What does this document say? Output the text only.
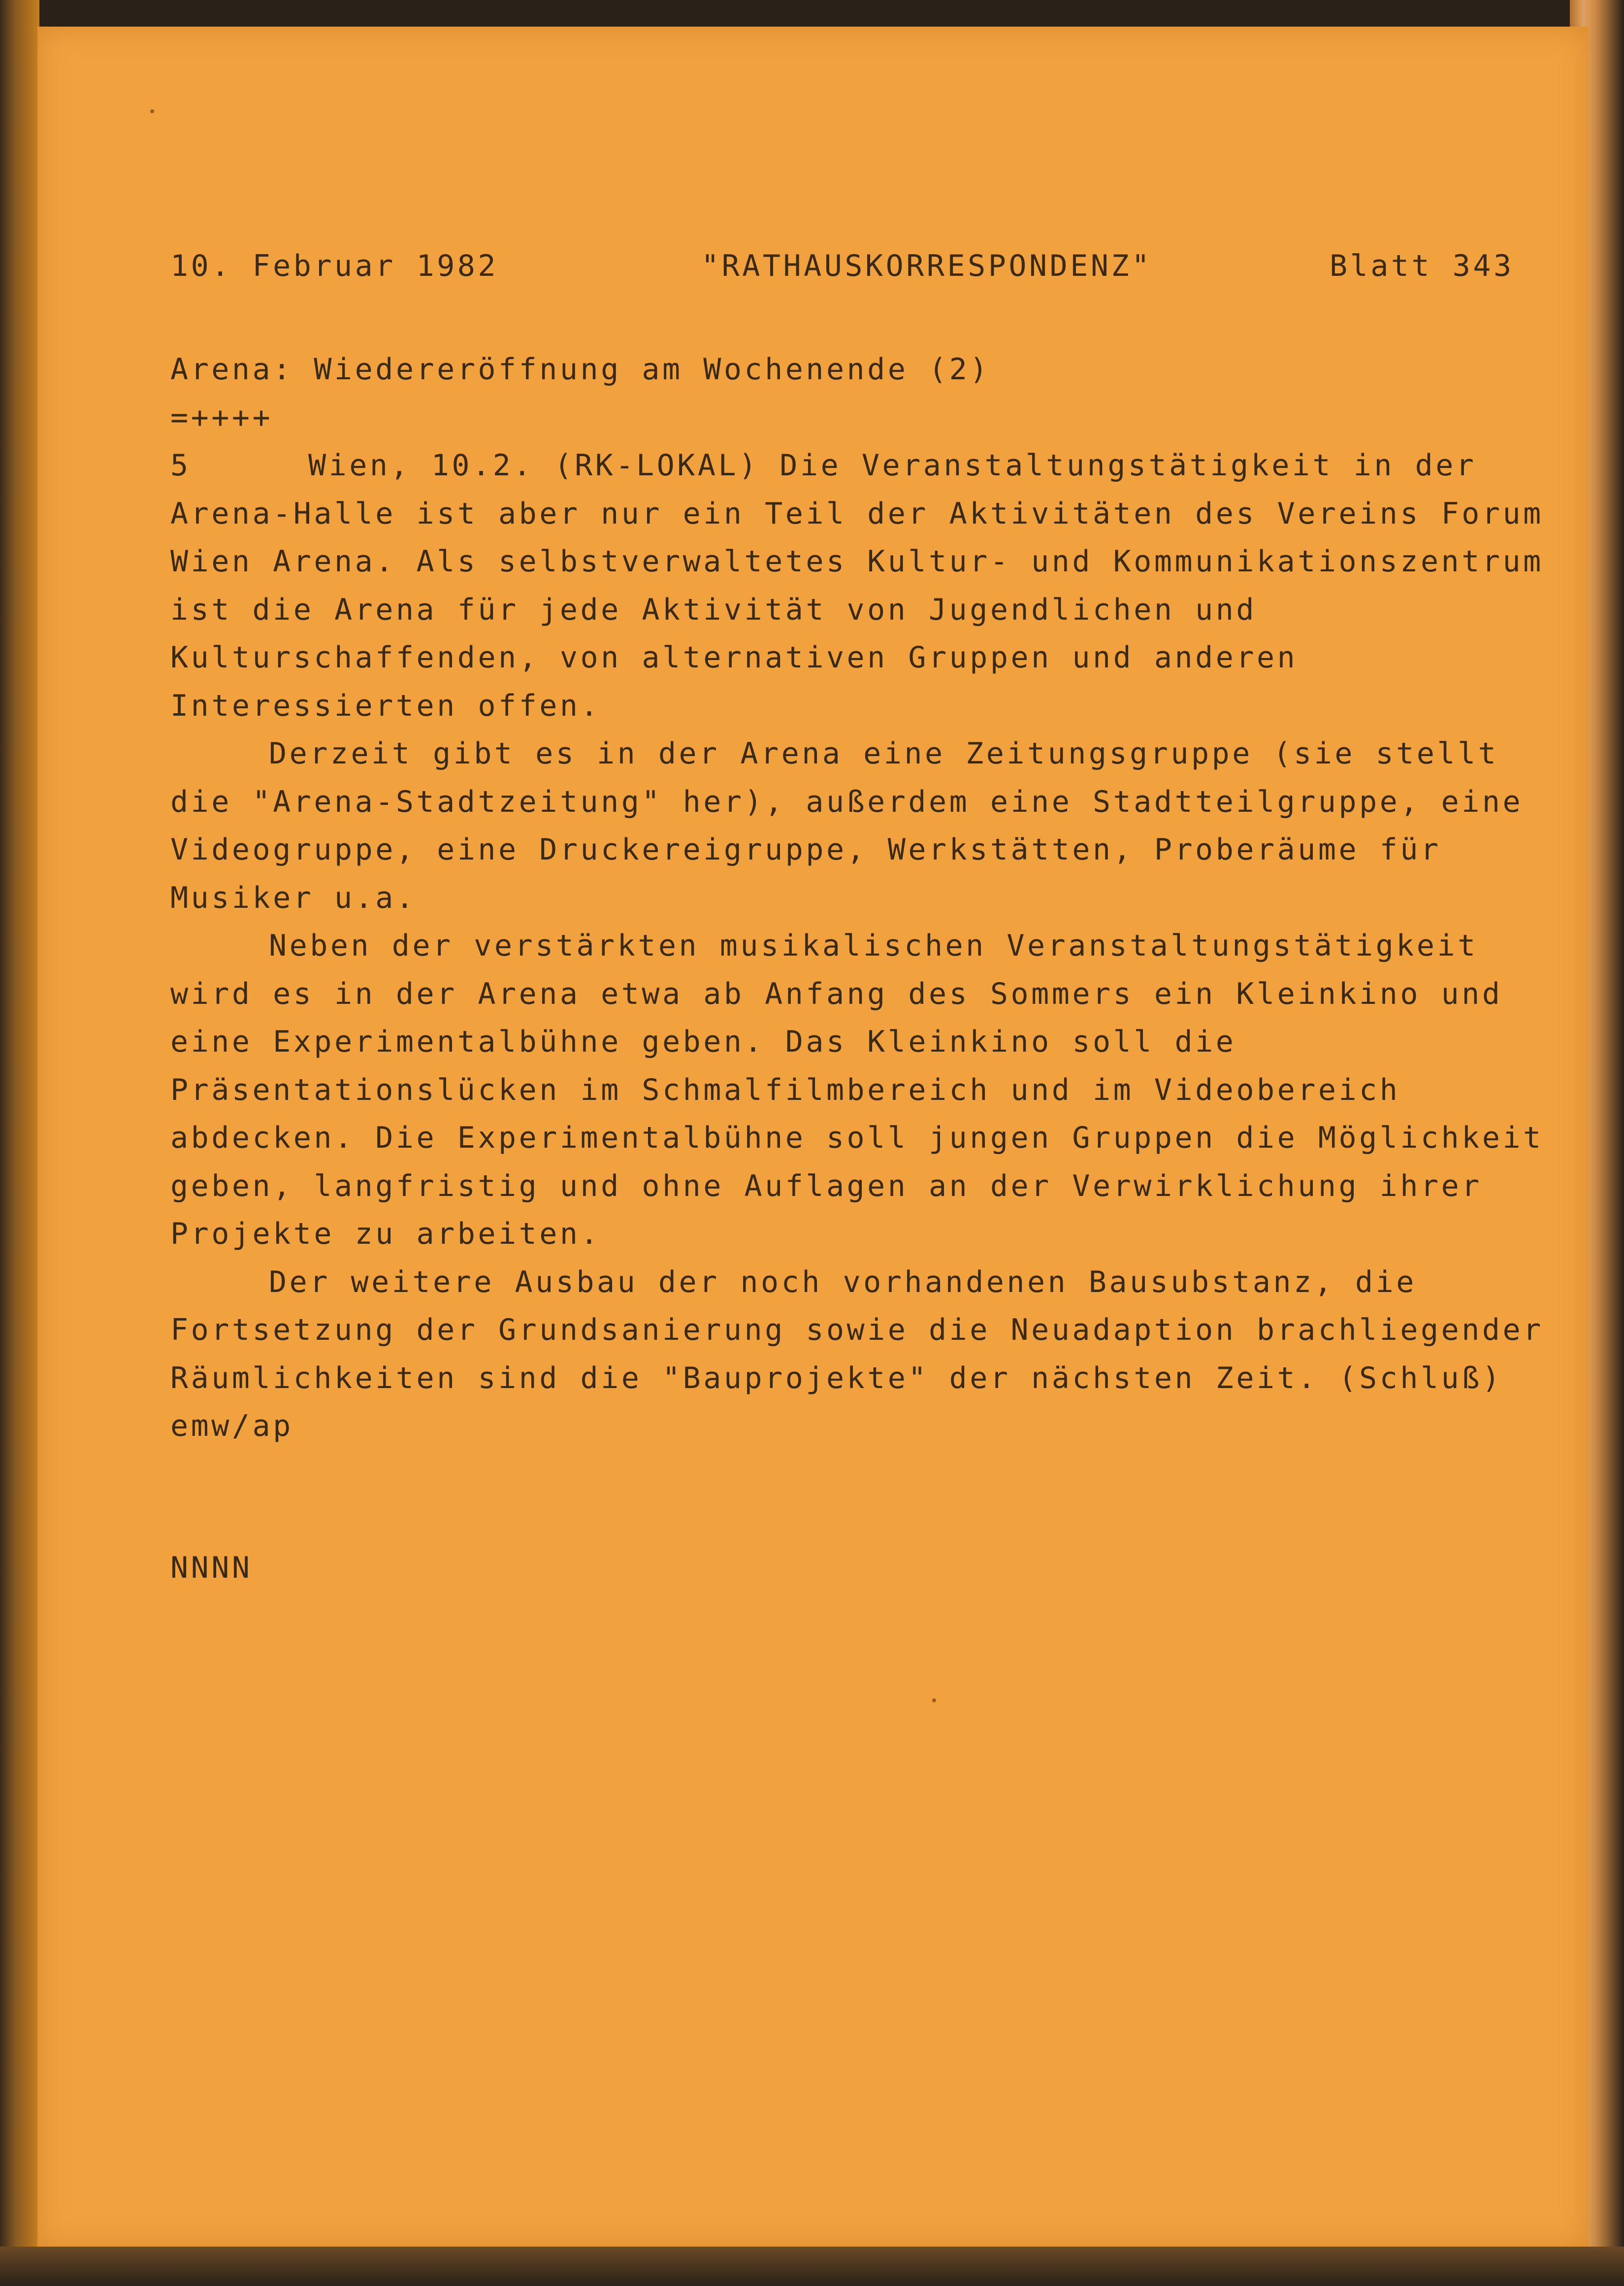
10. Februar 1982	"RATHAUSKORRESPONDENZ"	Blatt 343
Arena: Wiedereröffnung am Wochenende (2)
=++++
5	Wien, 10.2. (RK-LOKAL) Die Veranstaltungstätigkeit in der
Arena-Halle ist aber nur ein Teil der Aktivitäten des Vereins Forum
Wien Arena. Als selbstverwaltetes Kultur- und Kommunikationszentrum
ist die Arena für jede Aktivität von Jugendlichen und
Kulturschaffenden, von alternativen Gruppen und anderen
Interessierten offen.
Derzeit gibt es in der Arena eine Zeitungsgruppe (sie stellt
die "Arena-Stadtzeitung" her), außerdem eine Stadtteilgruppe, eine
Videogruppe, eine Druckereigruppe, Werkstätten, Proberäume für
Musiker u.a.
Neben der verstärkten musikalischen Veranstaltungstätigkeit
wird es in der Arena etwa ab Anfang des Sommers ein Kleinkino und
eine Experimentalbühne geben. Das Kleinkino soll die
Präsentationslücken im Schmalfilmbereich und im Videobereich
abdecken. Die Experimentalbühne soll jungen Gruppen die Möglichkeit
geben, langfristig und ohne Auflagen an der Verwirklichung ihrer
Projekte zu arbeiten.
Der weitere Ausbau der noch vorhandenen Bausubstanz, die
Fortsetzung der Grundsanierung sowie die Neuadaption brachliegender
Räumlichkeiten sind die "Bauprojekte" der nächsten Zeit. (Schluß)
emw/ap
NNNN
